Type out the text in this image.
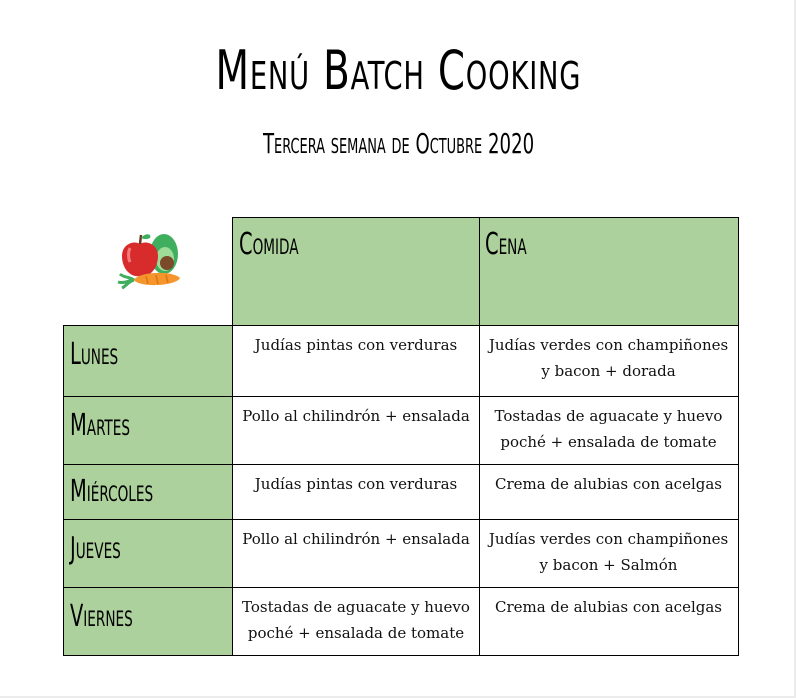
Menú Batch Cooking
Tercera semana de Octubre 2020
Comida	Cena
Lunes
Martes
Miércoles
Jueves
Viernes
Judías pintas con verduras
Pollo al chilindrón + ensalada
Judías pintas con verduras
Pollo al chilindrón + ensalada
Tostadas de aguacate y huevo poché + ensalada de tomate
Judías verdes con champiñones y bacon + dorada
Tostadas de aguacate y huevo poché + ensalada de tomate
Crema de alubias con acelgas
Judías verdes con champiñones y bacon + Salmón
Crema de alubias con acelgas
